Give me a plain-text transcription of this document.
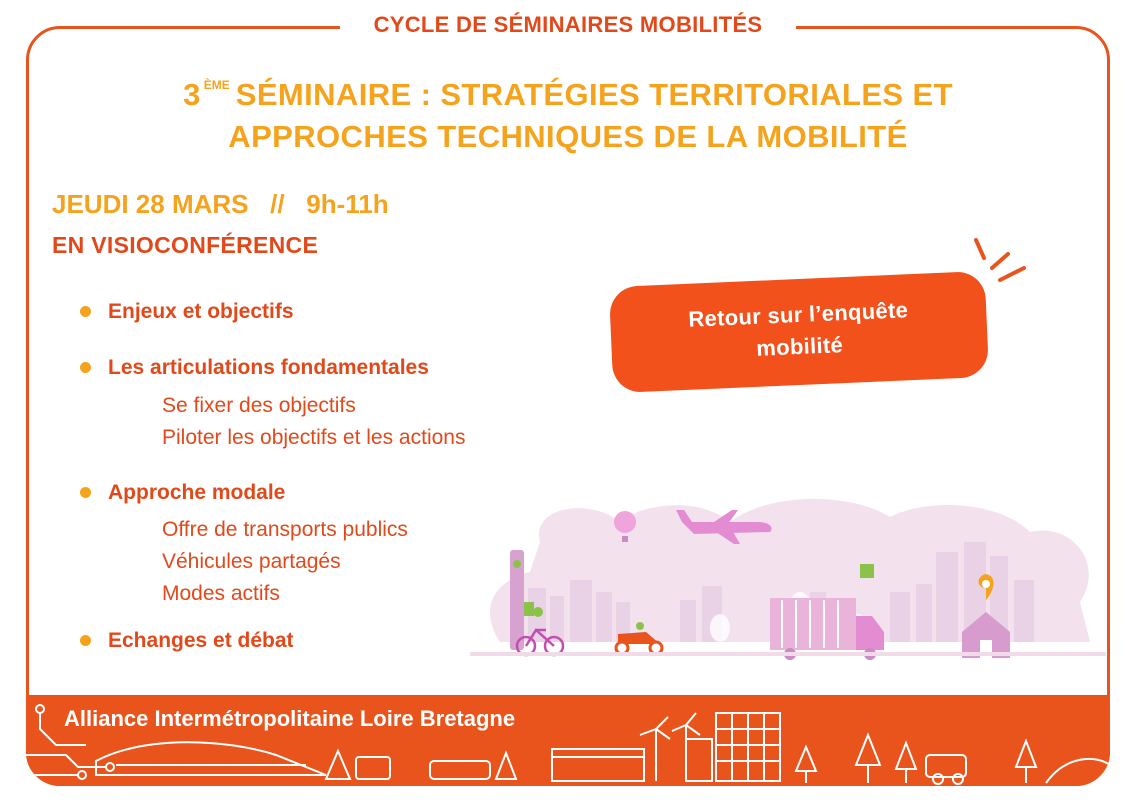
CYCLE DE SÉMINAIRES MOBILITÉS
3 $^{ÈME}$ SÉMINAIRE : STRATÉGIES TERRITORIALES ET
APPROCHES TECHNIQUES DE LA MOBILITÉ
JEUDI 28 MARS   //   9h-11h
EN VISIOCONFÉRENCE
Enjeux et objectifs
Les articulations fondamentales
Se fixer des objectifs
Piloter les objectifs et les actions
Approche modale
Offre de transports publics
Véhicules partagés
Modes actifs
Echanges et débat
Retour sur l’enquête
mobilité
Alliance Intermétropolitaine Loire Bretagne
